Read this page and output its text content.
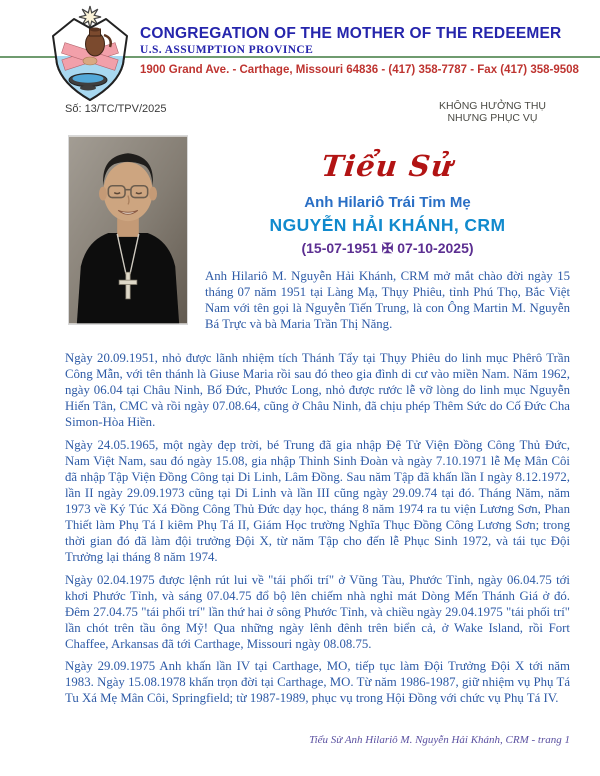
CONGREGATION OF THE MOTHER OF THE REDEEMER
U.S. ASSUMPTION PROVINCE
1900 Grand Ave. - Carthage, Missouri 64836 - (417) 358-7787 - Fax (417) 358-9508
Số: 13/TC/TPV/2025	KHÔNG HƯỞNG THỤ
NHƯNG PHỤC VỤ
Tiểu Sử
Anh Hilariô Trái Tim Mẹ
NGUYỄN HẢI KHÁNH, CRM
(15-07-1951 ✠ 07-10-2025)

Anh Hilariô M. Nguyễn Hải Khánh, CRM mở mắt chào đời ngày 15 tháng 07 năm 1951 tại Làng Mạ, Thụy Phiêu, tỉnh Phú Thọ, Bắc Việt Nam với tên gọi là Nguyễn Tiến Trung, là con Ông Martin M. Nguyễn Bá Trực và bà Maria Trần Thị Năng.

Ngày 20.09.1951, nhỏ được lãnh nhiệm tích Thánh Tẩy tại Thụy Phiêu do linh mục Phêrô Trần Công Mẫn, với tên thánh là Giuse Maria rồi sau đó theo gia đình di cư vào miền Nam. Năm 1962, ngày 06.04 tại Châu Ninh, Bố Đức, Phước Long, nhỏ được rước lễ vỡ lòng do linh mục Nguyễn Hiến Tân, CMC và rồi ngày 07.08.64, cũng ở Châu Ninh, đã chịu phép Thêm Sức do Cố Đức Cha Simon-Hòa Hiền.

Ngày 24.05.1965, một ngày đẹp trời, bé Trung đã gia nhập Đệ Tử Viện Đồng Công Thủ Đức, Nam Việt Nam, sau đó ngày 15.08, gia nhập Thỉnh Sinh Đoàn và ngày 7.10.1971 lễ Mẹ Mân Côi đã nhập Tập Viện Đồng Công tại Di Linh, Lâm Đồng. Sau năm Tập đã khấn lần I ngày 8.12.1972, lần II ngày 29.09.1973 cũng tại Di Linh và lần III cũng ngày 29.09.74 tại đó. Tháng Năm, năm 1973 về Ký Túc Xá Đồng Công Thủ Đức dạy học, tháng 8 năm 1974 ra tu viện Lương Sơn, Phan Thiết làm Phụ Tá I kiêm Phụ Tá II, Giám Học trường Nghĩa Thục Đồng Công Lương Sơn; trong thời gian đó đã làm đội trưởng Đội X, từ năm Tập cho đến lễ Phục Sinh 1972, và tái tục Đội Trưởng lại tháng 8 năm 1974.

Ngày 02.04.1975 được lệnh rút lui về "tái phối trí" ở Vũng Tàu, Phước Tỉnh, ngày 06.04.75 tới khơi Phước Tỉnh, và sáng 07.04.75 đổ bộ lên chiếm nhà nghỉ mát Dòng Mến Thánh Giá ở đó. Đêm 27.04.75 "tái phối trí" lần thứ hai ở sông Phước Tỉnh, và chiều ngày 29.04.1975 "tái phối trí" lần chót trên tầu ông Mỹ! Qua những ngày lênh đênh trên biển cả, ở Wake Island, rồi Fort Chaffee, Arkansas đã tới Carthage, Missouri ngày 08.08.75.

Ngày 29.09.1975 Anh khấn lần IV tại Carthage, MO, tiếp tục làm Đội Trưởng Đội X tới năm 1983. Ngày 15.08.1978 khấn trọn đời tại Carthage, MO. Từ năm 1986-1987, giữ nhiệm vụ Phụ Tá Tu Xá Mẹ Mân Côi, Springfield; từ 1987-1989, phục vụ trong Hội Đồng với chức vụ Phụ Tá IV.

Tiểu Sử Anh Hilariô M. Nguyễn Hải Khánh, CRM - trang 1
